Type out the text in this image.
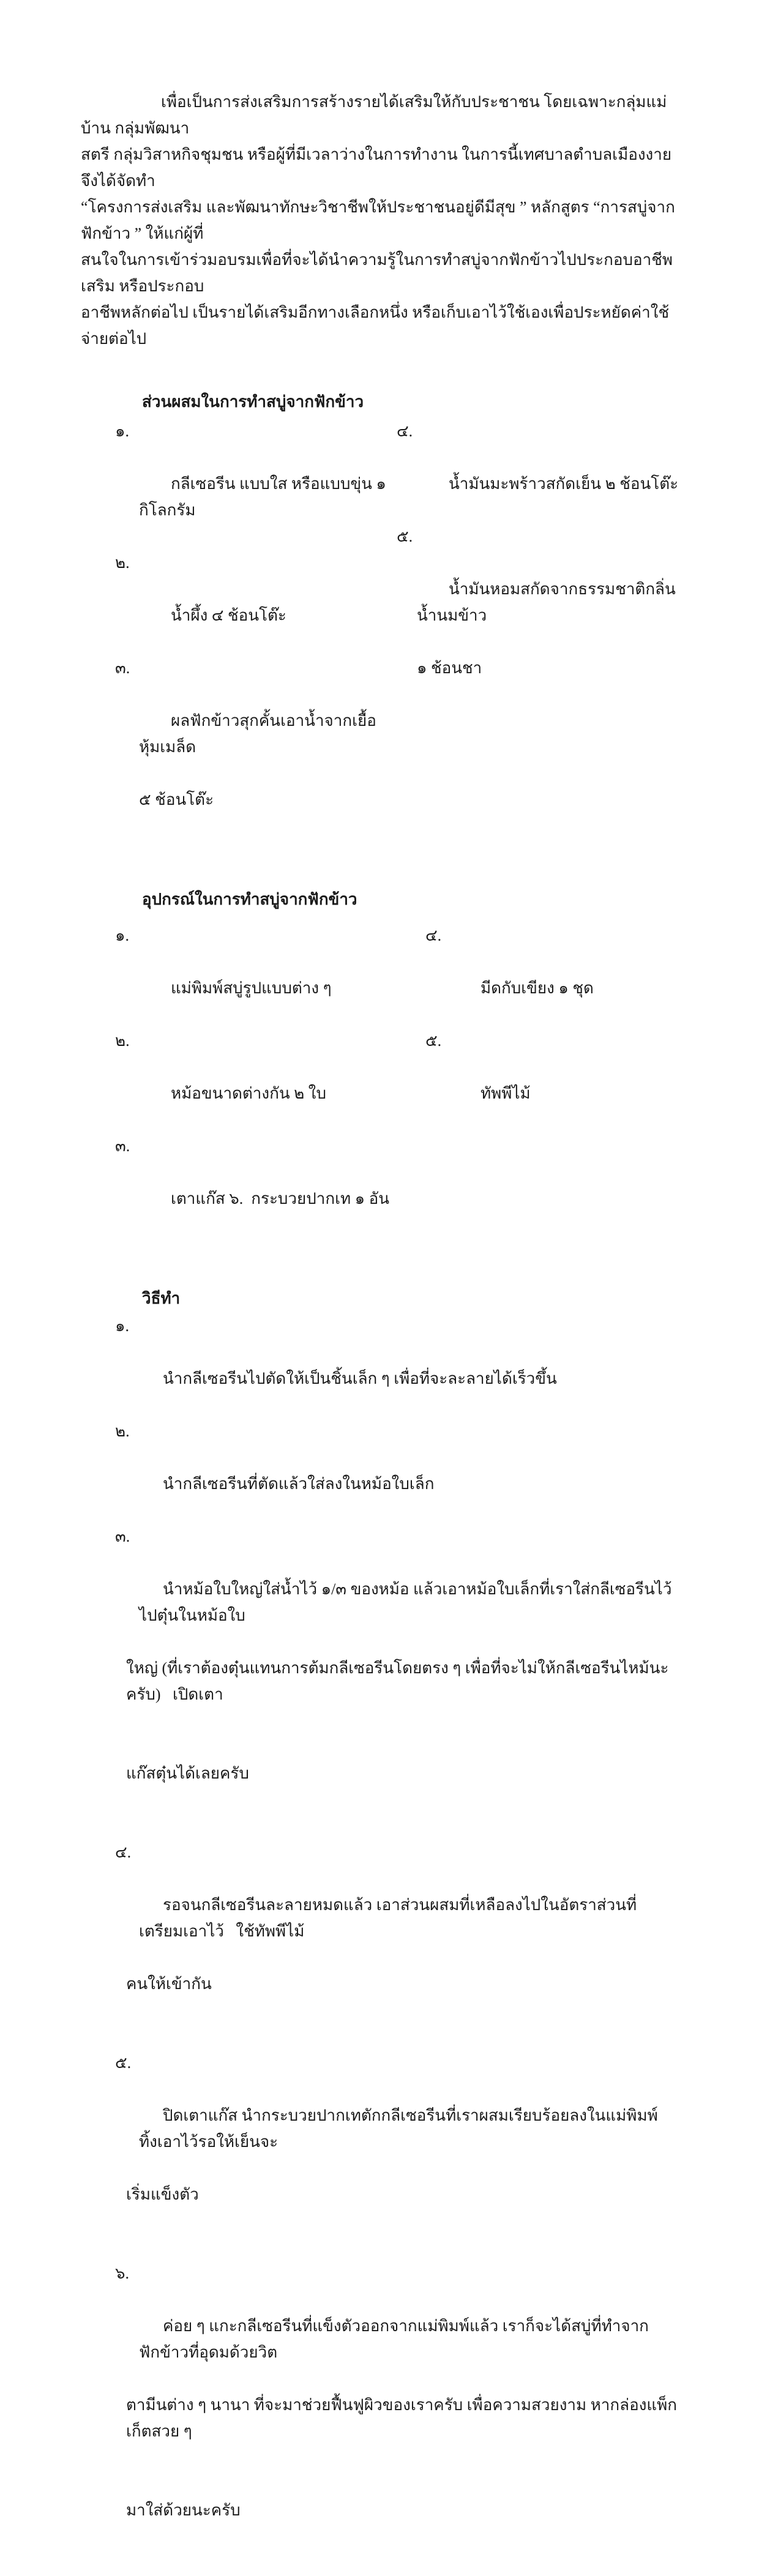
เพื่อเป็นการส่งเสริมการสร้างรายได้เสริมให้กับประชาชน โดยเฉพาะกลุ่มแม่บ้าน กลุ่มพัฒนา
สตรี กลุ่มวิสาหกิจชุมชน หรือผู้ที่มีเวลาว่างในการทำงาน ในการนี้เทศบาลตำบลเมืองงายจึงได้จัดทำ
“โครงการส่งเสริม และพัฒนาทักษะวิชาชีพให้ประชาชนอยู่ดีมีสุข ” หลักสูตร “การสบู่จากฟักข้าว ” ให้แก่ผู้ที่
สนใจในการเข้าร่วมอบรมเพื่อที่จะได้นำความรู้ในการทำสบู่จากฟักข้าวไปประกอบอาชีพเสริม หรือประกอบ
อาชีพหลักต่อไป เป็นรายได้เสริมอีกทางเลือกหนึ่ง หรือเก็บเอาไว้ใช้เองเพื่อประหยัดค่าใช้จ่ายต่อไป
ส่วนผสมในการทำสบู่จากฟักข้าว

๑.

กลีเซอรีน แบบใส หรือแบบขุ่น ๑ กิโลกรัม

๒.

น้ำผึ้ง ๔ ช้อนโต๊ะ

๓.

ผลฟักข้าวสุกคั้นเอาน้ำจากเยื้อหุ้มเมล็ด

๕ ช้อนโต๊ะ

๔.

น้ำมันมะพร้าวสกัดเย็น ๒ ช้อนโต๊ะ

๕.

น้ำมันหอมสกัดจากธรรมชาติกลิ่นน้ำนมข้าว

๑ ช้อนชา

อุปกรณ์ในการทำสบู่จากฟักข้าว

๑.

แม่พิมพ์สบู่รูปแบบต่าง ๆ

๒.

หม้อขนาดต่างกัน ๒ ใบ

๓.

เตาแก๊ส ๖.  กระบวยปากเท ๑ อัน

๔.

มีดกับเขียง ๑ ชุด

๕.

ทัพพีไม้

วิธีทำ

๑.

นำกลีเซอรีนไปตัดให้เป็นชิ้นเล็ก ๆ เพื่อที่จะละลายได้เร็วขึ้น

๒.

นำกลีเซอรีนที่ตัดแล้วใส่ลงในหม้อใบเล็ก

๓.

นำหม้อใบใหญ่ใส่น้ำไว้ ๑/๓ ของหม้อ แล้วเอาหม้อใบเล็กที่เราใส่กลีเซอรีนไว้ไปตุ๋นในหม้อใบ

ใหญ่ (ที่เราต้องตุ๋นแทนการต้มกลีเซอรีนโดยตรง ๆ เพื่อที่จะไม่ให้กลีเซอรีนไหม้นะครับ)   เปิดเตา

แก๊สตุ๋นได้เลยครับ

๔.

รอจนกลีเซอรีนละลายหมดแล้ว เอาส่วนผสมที่เหลือลงไปในอัตราส่วนที่เตรียมเอาไว้   ใช้ทัพพีไม้

คนให้เข้ากัน

๕.

ปิดเตาแก๊ส นำกระบวยปากเทตักกลีเซอรีนที่เราผสมเรียบร้อยลงในแม่พิมพ์ ทิ้งเอาไว้รอให้เย็นจะ

เริ่มแข็งตัว

๖.

ค่อย ๆ แกะกลีเซอรีนที่แข็งตัวออกจากแม่พิมพ์แล้ว เราก็จะได้สบู่ที่ทำจากฟักข้าวที่อุดมด้วยวิต

ตามีนต่าง ๆ นานา ที่จะมาช่วยฟื้นฟูผิวของเราครับ เพื่อความสวยงาม หากล่องแพ็กเก็ตสวย ๆ

มาใส่ด้วยนะครับ
